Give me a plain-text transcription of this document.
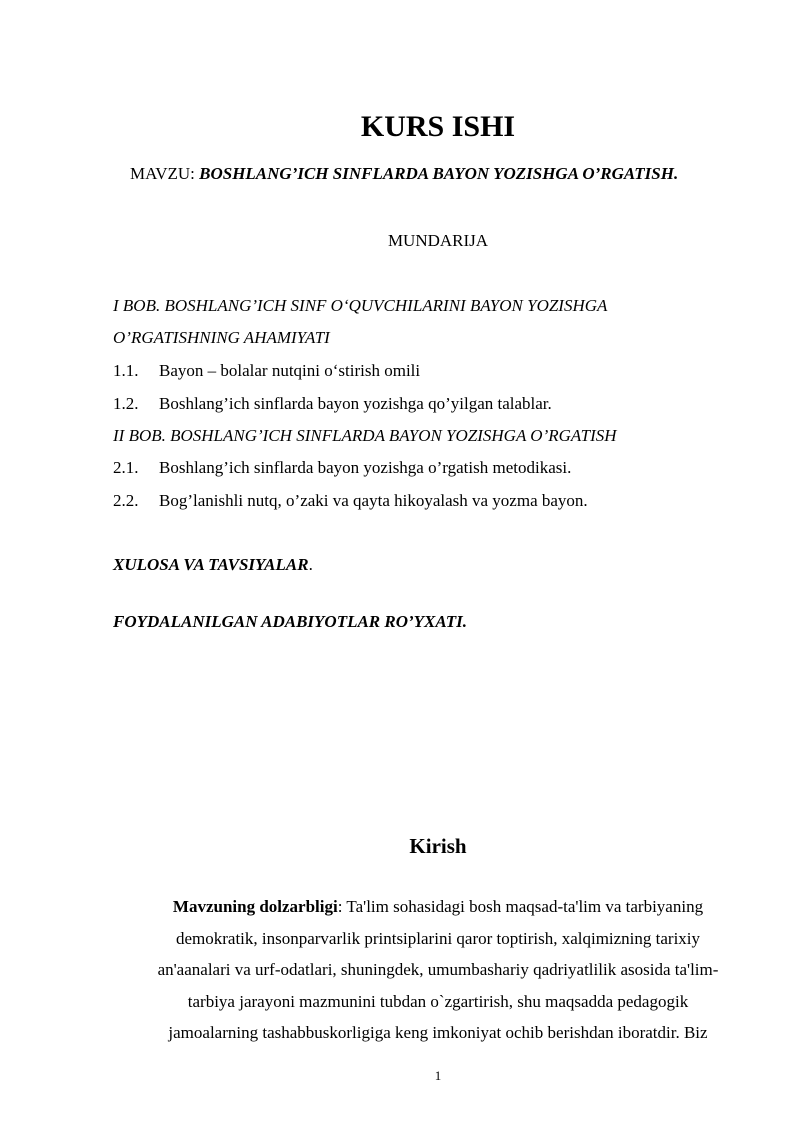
KURS ISHI
MAVZU: BOSHLANG’ICH SINFLARDA BAYON YOZISHGA O’RGATISH.
MUNDARIJA
I BOB. BOSHLANG’ICH SINF O‘QUVCHILARINI BAYON YOZISHGA
O’RGATISHNING AHAMIYATI
1.1. Bayon – bolalar nutqini o‘stirish omili
1.2. Boshlang’ich sinflarda bayon yozishga qo’yilgan talablar.
II BOB. BOSHLANG’ICH SINFLARDA BAYON YOZISHGA O’RGATISH
2.1. Boshlang’ich sinflarda bayon yozishga o’rgatish metodikasi.
2.2. Bog’lanishli nutq, o’zaki va qayta hikoyalash va yozma bayon.
XULOSA VA TAVSIYALAR.
FOYDALANILGAN ADABIYOTLAR RO’YXATI.
Kirish
Mavzuning dolzarbligi: Ta'lim sohasidagi bosh maqsad-ta'lim va tarbiyaning
demokratik, insonparvarlik printsiplarini qaror toptirish, xalqimizning tarixiy
an'aanalari va urf-odatlari, shuningdek, umumbashariy qadriyatlilik asosida ta'lim-
tarbiya jarayoni mazmunini tubdan o`zgartirish, shu maqsadda pedagogik
jamoalarning tashabbuskorligiga keng imkoniyat ochib berishdan iboratdir. Biz
1
